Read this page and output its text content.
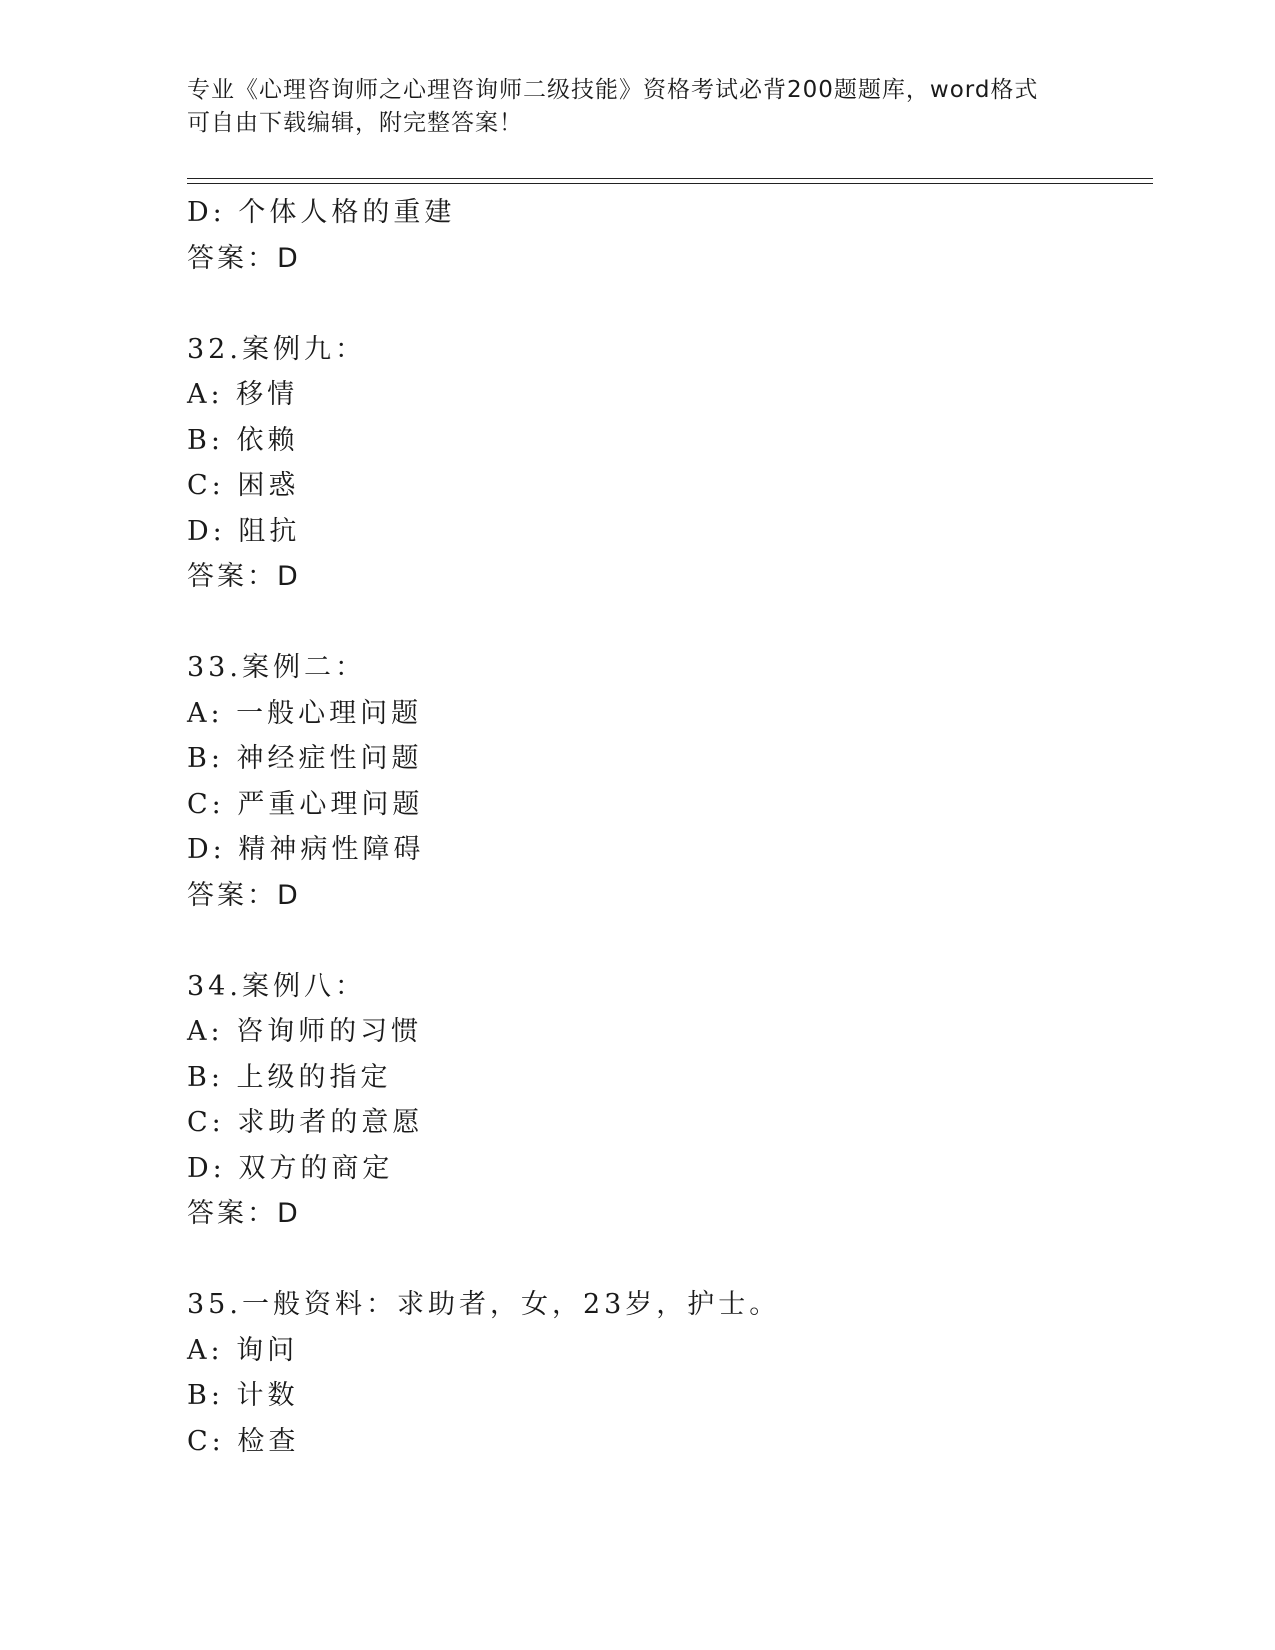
专业《心理咨询师之心理咨询师二级技能》资格考试必背200题题库，word格式
可自由下载编辑，附完整答案！
D: 个体人格的重建
答案：D
32.案例九：
A: 移情
B: 依赖
C: 困惑
D: 阻抗
答案：D
33.案例二：
A: 一般心理问题
B: 神经症性问题
C: 严重心理问题
D: 精神病性障碍
答案：D
34.案例八：
A: 咨询师的习惯
B: 上级的指定
C: 求助者的意愿
D: 双方的商定
答案：D
35.一般资料：求助者，女，23岁，护士。
A: 询问
B: 计数
C: 检查
